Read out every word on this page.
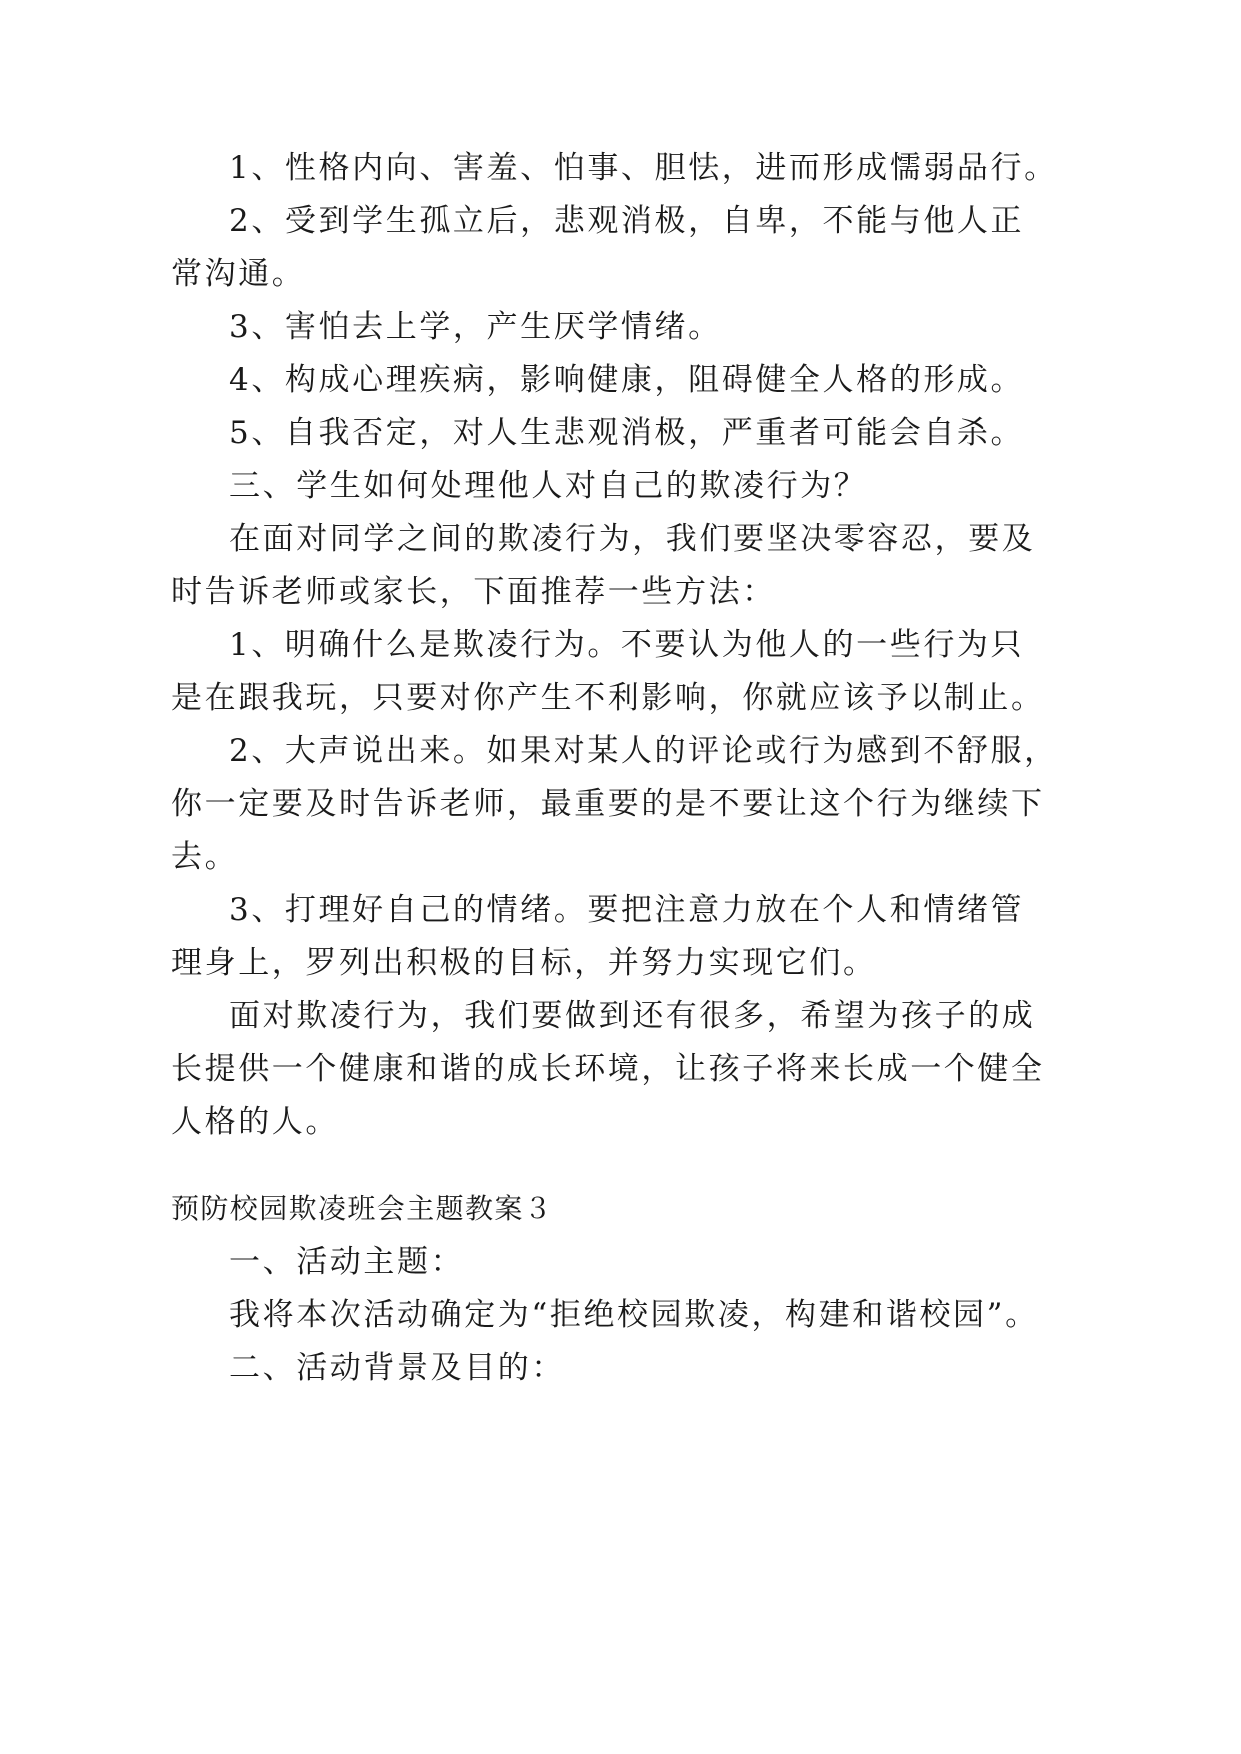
1、性格内向、害羞、怕事、胆怯，进而形成懦弱品行。
2、受到学生孤立后，悲观消极，自卑，不能与他人正
常沟通。
3、害怕去上学，产生厌学情绪。
4、构成心理疾病，影响健康，阻碍健全人格的形成。
5、自我否定，对人生悲观消极，严重者可能会自杀。
三、学生如何处理他人对自己的欺凌行为？
在面对同学之间的欺凌行为，我们要坚决零容忍，要及
时告诉老师或家长，下面推荐一些方法：
1、明确什么是欺凌行为。不要认为他人的一些行为只
是在跟我玩，只要对你产生不利影响，你就应该予以制止。
2、大声说出来。如果对某人的评论或行为感到不舒服，
你一定要及时告诉老师，最重要的是不要让这个行为继续下
去。
3、打理好自己的情绪。要把注意力放在个人和情绪管
理身上，罗列出积极的目标，并努力实现它们。
面对欺凌行为，我们要做到还有很多，希望为孩子的成
长提供一个健康和谐的成长环境，让孩子将来长成一个健全
人格的人。
预防校园欺凌班会主题教案３
一、活动主题：
我将本次活动确定为“拒绝校园欺凌，构建和谐校园”。
二、活动背景及目的：
